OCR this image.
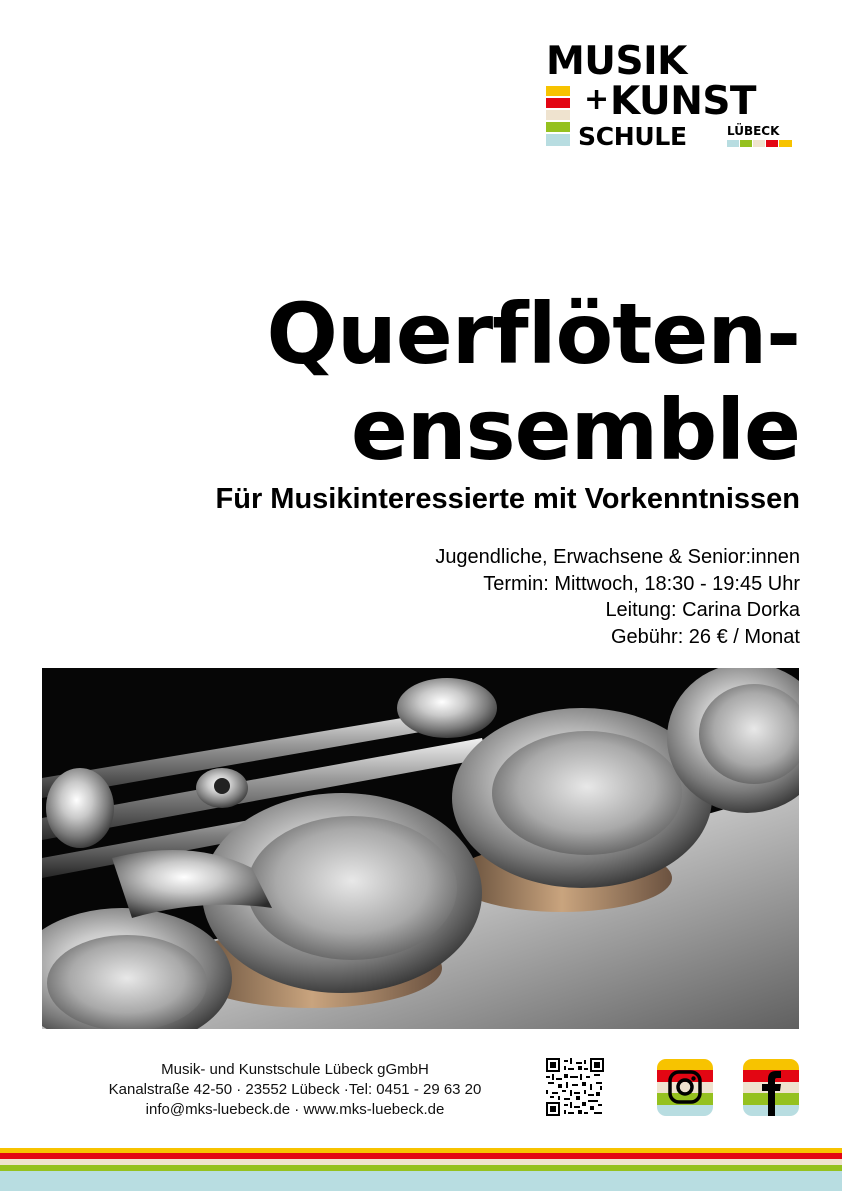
MUSIK
+ KUNST
SCHULE	LÜBECK
Querflöten-
ensemble
Für Musikinteressierte mit Vorkenntnissen
Jugendliche, Erwachsene & Senior:innen
Termin: Mittwoch, 18:30 - 19:45 Uhr
Leitung: Carina Dorka
Gebühr: 26 € / Monat
Musik- und Kunstschule Lübeck gGmbH
Kanalstraße 42-50 · 23552 Lübeck ·Tel: 0451 - 29 63 20
info@mks-luebeck.de · www.mks-luebeck.de
